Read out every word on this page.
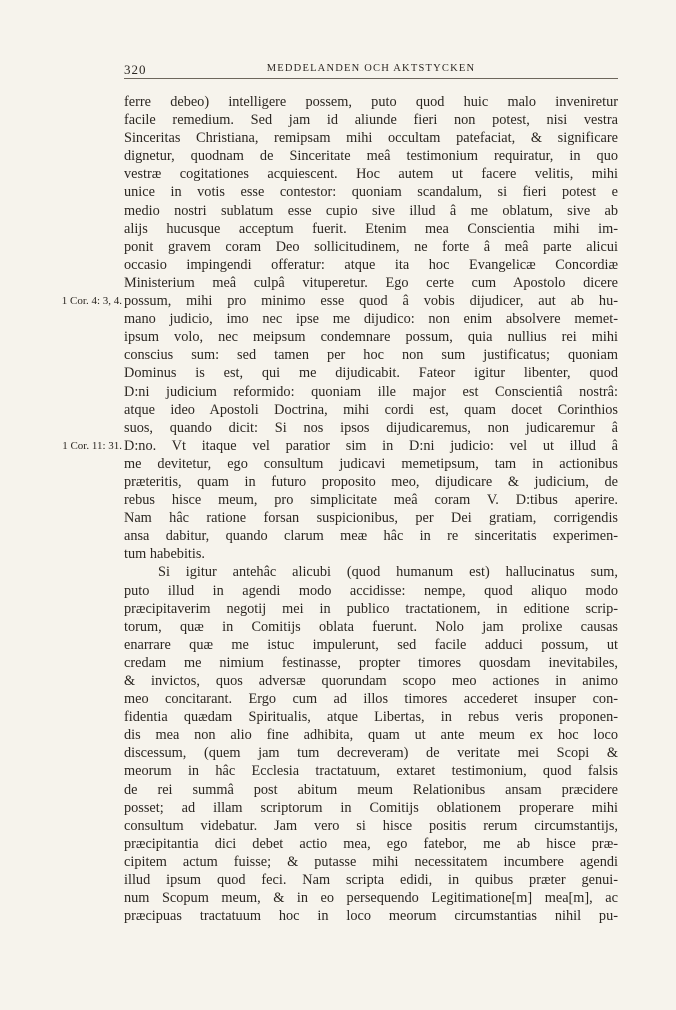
320	MEDDELANDEN OCH AKTSTYCKEN
1 Cor. 4: 3, 4.
1 Cor. 11: 31.
ferre debeo) intelligere possem, puto quod huic malo inveniretur
facile remedium. Sed jam id aliunde fieri non potest, nisi vestra
Sinceritas Christiana, remipsam mihi occultam patefaciat, & significare
dignetur, quodnam de Sinceritate meâ testimonium requiratur, in quo
vestræ cogitationes acquiescent. Hoc autem ut facere velitis, mihi
unice in votis esse contestor: quoniam scandalum, si fieri potest e
medio nostri sublatum esse cupio sive illud â me oblatum, sive ab
alijs hucusque acceptum fuerit. Etenim mea Conscientia mihi im-
ponit gravem coram Deo sollicitudinem, ne forte â meâ parte alicui
occasio impingendi offeratur: atque ita hoc Evangelicæ Concordiæ
Ministerium meâ culpâ vituperetur. Ego certe cum Apostolo dicere
possum, mihi pro minimo esse quod â vobis dijudicer, aut ab hu-
mano judicio, imo nec ipse me dijudico: non enim absolvere memet-
ipsum volo, nec meipsum condemnare possum, quia nullius rei mihi
conscius sum: sed tamen per hoc non sum justificatus; quoniam
Dominus is est, qui me dijudicabit. Fateor igitur libenter, quod
D:ni judicium reformido: quoniam ille major est Conscientiâ nostrâ:
atque ideo Apostoli Doctrina, mihi cordi est, quam docet Corinthios
suos, quando dicit: Si nos ipsos dijudicaremus, non judicaremur â
D:no. Vt itaque vel paratior sim in D:ni judicio: vel ut illud â
me devitetur, ego consultum judicavi memetipsum, tam in actionibus
præteritis, quam in futuro proposito meo, dijudicare & judicium, de
rebus hisce meum, pro simplicitate meâ coram V. D:tibus aperire.
Nam hâc ratione forsan suspicionibus, per Dei gratiam, corrigendis
ansa dabitur, quando clarum meæ hâc in re sinceritatis experimen-
tum habebitis.
Si igitur antehâc alicubi (quod humanum est) hallucinatus sum,
puto illud in agendi modo accidisse: nempe, quod aliquo modo
præcipitaverim negotij mei in publico tractationem, in editione scrip-
torum, quæ in Comitijs oblata fuerunt. Nolo jam prolixe causas
enarrare quæ me istuc impulerunt, sed facile adduci possum, ut
credam me nimium festinasse, propter timores quosdam inevitabiles,
& invictos, quos adversæ quorundam scopo meo actiones in animo
meo concitarant. Ergo cum ad illos timores accederet insuper con-
fidentia quædam Spiritualis, atque Libertas, in rebus veris proponen-
dis mea non alio fine adhibita, quam ut ante meum ex hoc loco
discessum, (quem jam tum decreveram) de veritate mei Scopi &
meorum in hâc Ecclesia tractatuum, extaret testimonium, quod falsis
de rei summâ post abitum meum Relationibus ansam præcidere
posset; ad illam scriptorum in Comitijs oblationem properare mihi
consultum videbatur. Jam vero si hisce positis rerum circumstantijs,
præcipitantia dici debet actio mea, ego fatebor, me ab hisce præ-
cipitem actum fuisse; & putasse mihi necessitatem incumbere agendi
illud ipsum quod feci. Nam scripta edidi, in quibus præter genui-
num Scopum meum, & in eo persequendo Legitimatione[m] mea[m], ac
præcipuas tractatuum hoc in loco meorum circumstantias nihil pu-
